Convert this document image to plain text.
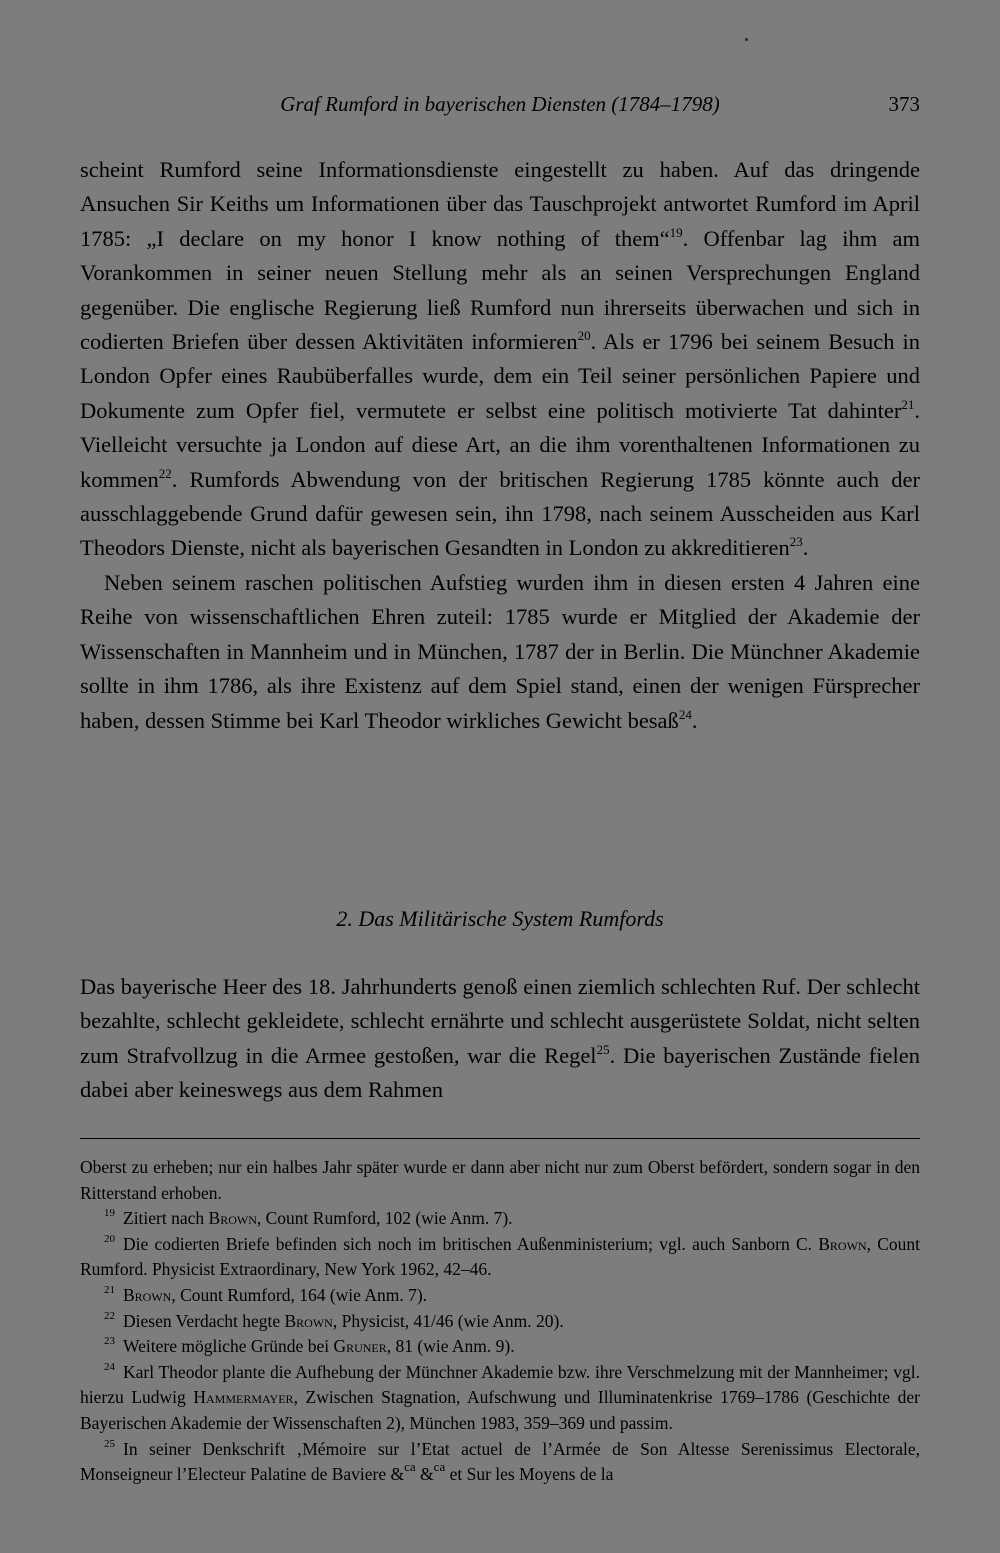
Graf Rumford in bayerischen Diensten (1784–1798)	373

scheint Rumford seine Informationsdienste eingestellt zu haben. Auf das dringende Ansuchen Sir Keiths um Informationen über das Tauschprojekt antwortet Rumford im April 1785: „I declare on my honor I know nothing of them“$^{19}$. Offenbar lag ihm am Vorankommen in seiner neuen Stellung mehr als an seinen Versprechungen England gegenüber. Die englische Regierung ließ Rumford nun ihrerseits überwachen und sich in codierten Briefen über dessen Aktivitäten informieren$^{20}$. Als er 1796 bei seinem Besuch in London Opfer eines Raubüberfalles wurde, dem ein Teil seiner persönlichen Papiere und Dokumente zum Opfer fiel, vermutete er selbst eine politisch motivierte Tat dahinter$^{21}$. Vielleicht versuchte ja London auf diese Art, an die ihm vorenthaltenen Informationen zu kommen$^{22}$. Rumfords Abwendung von der britischen Regierung 1785 könnte auch der ausschlaggebende Grund dafür gewesen sein, ihn 1798, nach seinem Ausscheiden aus Karl Theodors Dienste, nicht als bayerischen Gesandten in London zu akkreditieren$^{23}$.

Neben seinem raschen politischen Aufstieg wurden ihm in diesen ersten 4 Jahren eine Reihe von wissenschaftlichen Ehren zuteil: 1785 wurde er Mitglied der Akademie der Wissenschaften in Mannheim und in München, 1787 der in Berlin. Die Münchner Akademie sollte in ihm 1786, als ihre Existenz auf dem Spiel stand, einen der wenigen Fürsprecher haben, dessen Stimme bei Karl Theodor wirkliches Gewicht besaß$^{24}$.

2. Das Militärische System Rumfords

Das bayerische Heer des 18. Jahrhunderts genoß einen ziemlich schlechten Ruf. Der schlecht bezahlte, schlecht gekleidete, schlecht ernährte und schlecht ausgerüstete Soldat, nicht selten zum Strafvollzug in die Armee gestoßen, war die Regel$^{25}$. Die bayerischen Zustände fielen dabei aber keineswegs aus dem Rahmen

Oberst zu erheben; nur ein halbes Jahr später wurde er dann aber nicht nur zum Oberst befördert, sondern sogar in den Ritterstand erhoben.

$^{19}$ Zitiert nach Brown, Count Rumford, 102 (wie Anm. 7).

$^{20}$ Die codierten Briefe befinden sich noch im britischen Außenministerium; vgl. auch Sanborn C. Brown, Count Rumford. Physicist Extraordinary, New York 1962, 42–46.

$^{21}$ Brown, Count Rumford, 164 (wie Anm. 7).

$^{22}$ Diesen Verdacht hegte Brown, Physicist, 41/46 (wie Anm. 20).

$^{23}$ Weitere mögliche Gründe bei Gruner, 81 (wie Anm. 9).

$^{24}$ Karl Theodor plante die Aufhebung der Münchner Akademie bzw. ihre Verschmelzung mit der Mannheimer; vgl. hierzu Ludwig Hammermayer, Zwischen Stagnation, Aufschwung und Illuminatenkrise 1769–1786 (Geschichte der Bayerischen Akademie der Wissenschaften 2), München 1983, 359–369 und passim.

$^{25}$ In seiner Denkschrift ‚Mémoire sur l’Etat actuel de l’Armée de Son Altesse Serenissimus Electorale, Monseigneur l’Electeur Palatine de Baviere &$^{ca}$ &$^{ca}$ et Sur les Moyens de la
